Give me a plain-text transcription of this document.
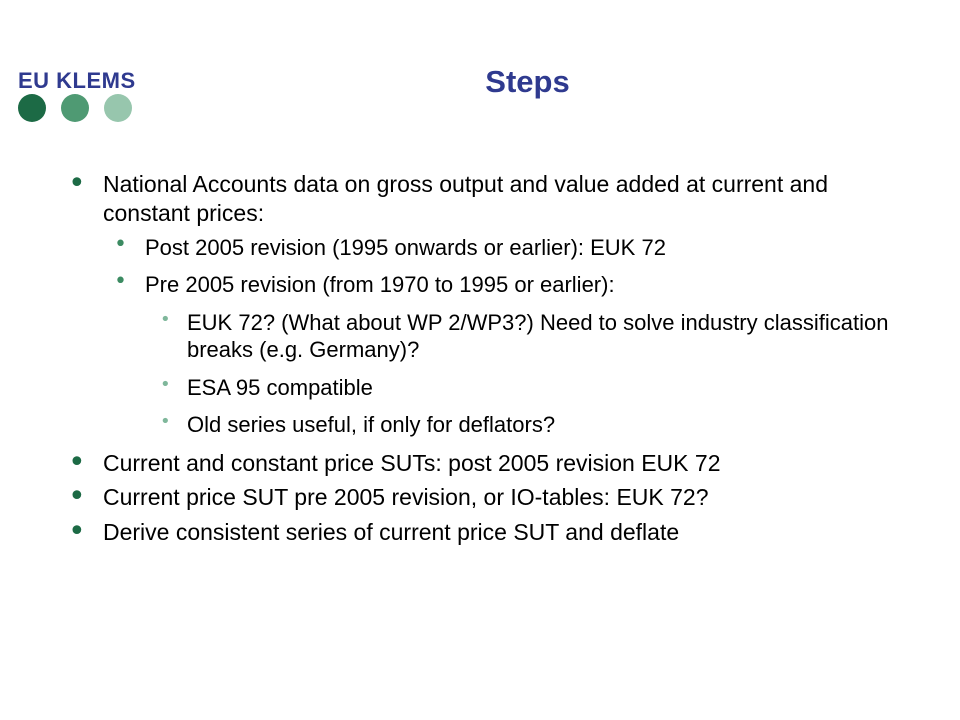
EU KLEMS	Steps
• National Accounts data on gross output and value added at current and constant prices:
• Post 2005 revision (1995 onwards or earlier): EUK 72
• Pre 2005 revision (from 1970 to 1995 or earlier):
• EUK 72? (What about WP 2/WP3?) Need to solve industry classification breaks (e.g. Germany)?
• ESA 95 compatible
• Old series useful, if only for deflators?
• Current and constant price SUTs: post 2005 revision EUK 72
• Current price SUT pre 2005 revision, or IO-tables: EUK 72?
• Derive consistent series of current price SUT and deflate
